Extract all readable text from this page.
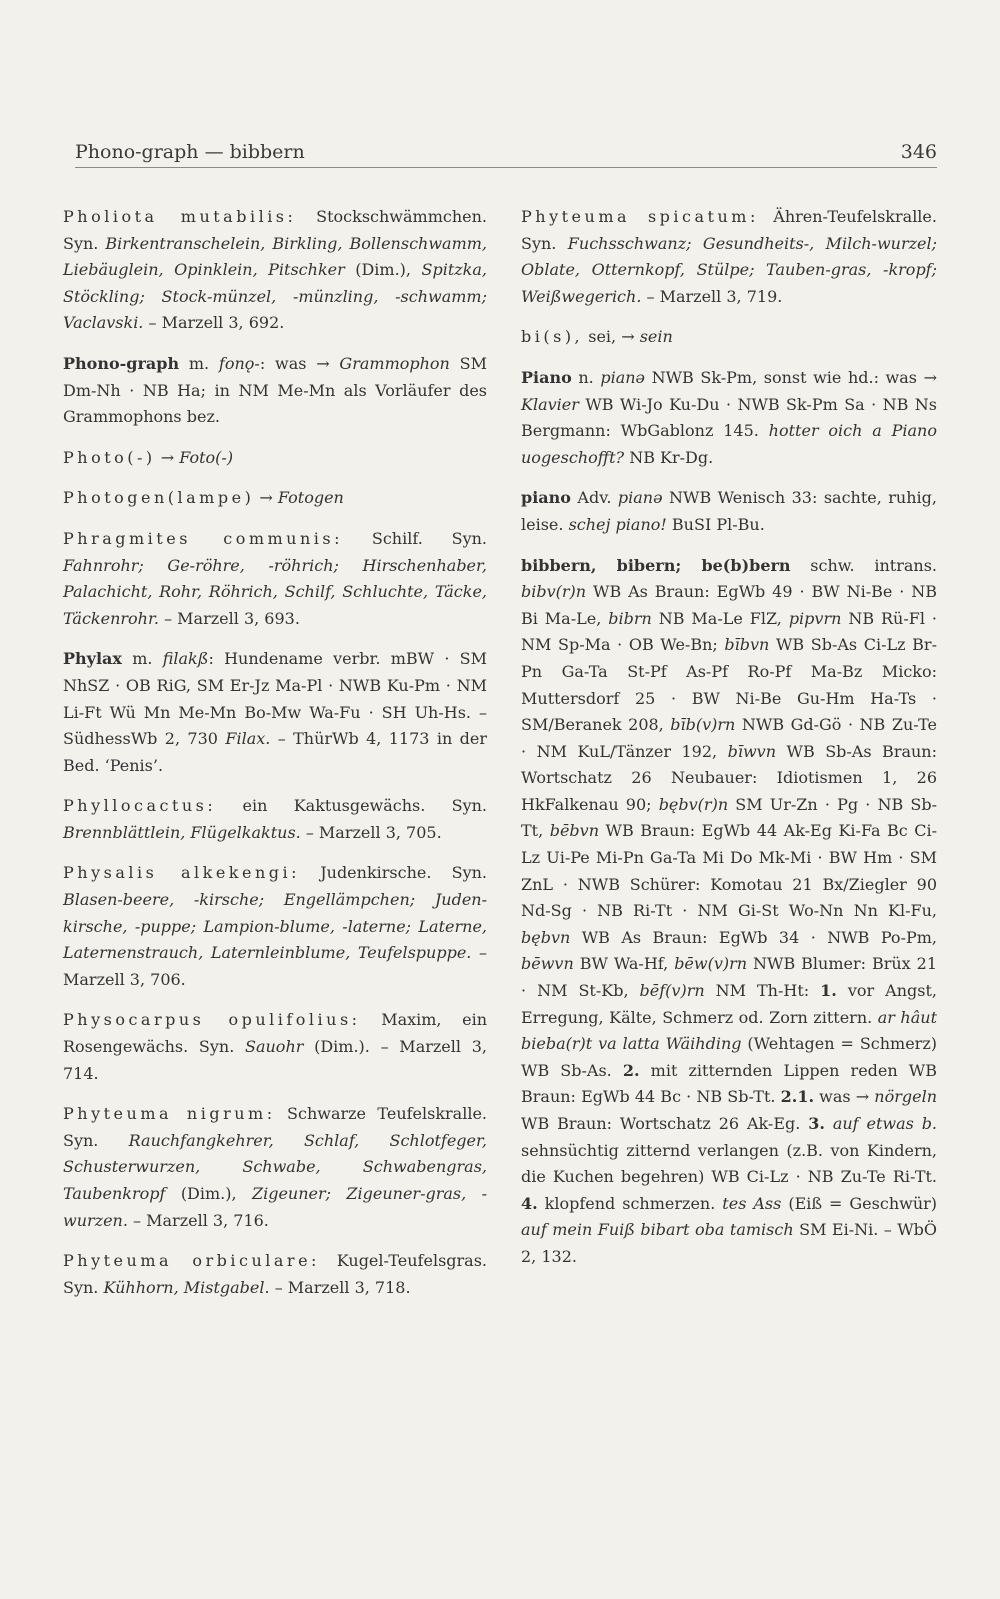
Phono-graph — bibbern	346

Pholiota mutabilis: Stockschwämmchen. Syn. Birkentranschelein, Birkling, Bollenschwamm, Liebäuglein, Opinklein, Pitschker (Dim.), Spitzka, Stöckling; Stock-münzel, -münzling, -schwamm; Vaclavski. – Marzell 3, 692.

Phono-graph m. fonǫ-: was → Grammophon SM Dm-Nh · NB Ha; in NM Me-Mn als Vorläufer des Grammophons bez.

Photo(-) → Foto(-)

Photogen(lampe) → Fotogen

Phragmites communis: Schilf. Syn. Fahnrohr; Ge-röhre, -röhrich; Hirschenhaber, Palachicht, Rohr, Röhrich, Schilf, Schluchte, Täcke, Täckenrohr. – Marzell 3, 693.

Phylax m. filakß: Hundename verbr. mBW · SM NhSZ · OB RiG, SM Er-Jz Ma-Pl · NWB Ku-Pm · NM Li-Ft Wü Mn Me-Mn Bo-Mw Wa-Fu · SH Uh-Hs. – SüdhessWb 2, 730 Filax. – ThürWb 4, 1173 in der Bed. ‘Penis’.

Phyllocactus: ein Kaktusgewächs. Syn. Brennblättlein, Flügelkaktus. – Marzell 3, 705.

Physalis alkekengi: Judenkirsche. Syn. Blasen-beere, -kirsche; Engellämpchen; Juden-kirsche, -puppe; Lampion-blume, -laterne; Laterne, Laternenstrauch, Laternleinblume, Teufelspuppe. – Marzell 3, 706.

Physocarpus opulifolius: Maxim, ein Rosengewächs. Syn. Sauohr (Dim.). – Marzell 3, 714.

Phyteuma nigrum: Schwarze Teufelskralle. Syn. Rauchfangkehrer, Schlaf, Schlotfeger, Schusterwurzen, Schwabe, Schwabengras, Taubenkropf (Dim.), Zigeuner; Zigeuner-gras, -wurzen. – Marzell 3, 716.

Phyteuma orbiculare: Kugel-Teufelsgras. Syn. Kühhorn, Mistgabel. – Marzell 3, 718.

Phyteuma spicatum: Ähren-Teufelskralle. Syn. Fuchsschwanz; Gesundheits-, Milch-wurzel; Oblate, Otternkopf, Stülpe; Tauben-gras, -kropf; Weißwegerich. – Marzell 3, 719.

bi(s), sei, → sein

Piano n. pianə NWB Sk-Pm, sonst wie hd.: was → Klavier WB Wi-Jo Ku-Du · NWB Sk-Pm Sa · NB Ns Bergmann: WbGablonz 145. hotter oich a Piano uogeschofft? NB Kr-Dg.

piano Adv. pianə NWB Wenisch 33: sachte, ruhig, leise. schej piano! BuSI Pl-Bu.

bibbern, bibern; be(b)bern schw. intrans. bibv(r)n WB As Braun: EgWb 49 · BW Ni-Be · NB Bi Ma-Le, bibrn NB Ma-Le FlZ, pipvrn NB Rü-Fl · NM Sp-Ma · OB We-Bn; bībvn WB Sb-As Ci-Lz Br-Pn Ga-Ta St-Pf As-Pf Ro-Pf Ma-Bz Micko: Muttersdorf 25 · BW Ni-Be Gu-Hm Ha-Ts · SM/Beranek 208, bīb(v)rn NWB Gd-Gö · NB Zu-Te · NM KuL/Tänzer 192, bīwvn WB Sb-As Braun: Wortschatz 26 Neubauer: Idiotismen 1, 26 HkFalkenau 90; bębv(r)n SM Ur-Zn · Pg · NB Sb-Tt, bēbvn WB Braun: EgWb 44 Ak-Eg Ki-Fa Bc Ci-Lz Ui-Pe Mi-Pn Ga-Ta Mi Do Mk-Mi · BW Hm · SM ZnL · NWB Schürer: Komotau 21 Bx/Ziegler 90 Nd-Sg · NB Ri-Tt · NM Gi-St Wo-Nn Nn Kl-Fu, bębvn WB As Braun: EgWb 34 · NWB Po-Pm, bēwvn BW Wa-Hf, bēw(v)rn NWB Blumer: Brüx 21 · NM St-Kb, bēf(v)rn NM Th-Ht: 1. vor Angst, Erregung, Kälte, Schmerz od. Zorn zittern. ar hâut bieba(r)t va latta Wäihding (Wehtagen = Schmerz) WB Sb-As. 2. mit zitternden Lippen reden WB Braun: EgWb 44 Bc · NB Sb-Tt. 2.1. was → nörgeln WB Braun: Wortschatz 26 Ak-Eg. 3. auf etwas b. sehnsüchtig zitternd verlangen (z.B. von Kindern, die Kuchen begehren) WB Ci-Lz · NB Zu-Te Ri-Tt. 4. klopfend schmerzen. tes Ass (Eiß = Geschwür) auf mein Fuiß bibart oba tamisch SM Ei-Ni. – WbÖ 2, 132.
